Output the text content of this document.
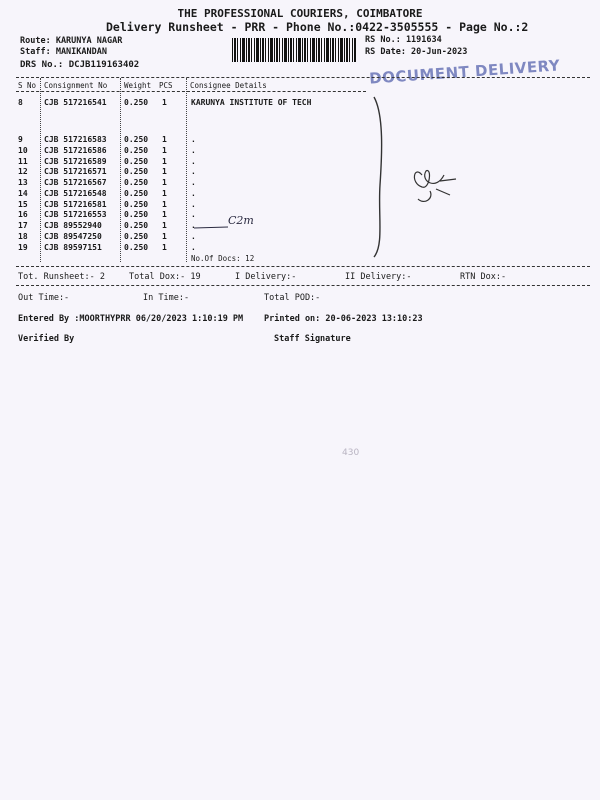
THE PROFESSIONAL COURIERS, COIMBATORE
Delivery Runsheet - PRR - Phone No.:0422-3505555 - Page No.:2
Route: KARUNYA NAGAR
Staff: MANIKANDAN
DRS No.: DCJB119163402
RS No.: 1191634
RS Date: 20-Jun-2023
DOCUMENT DELIVERY
S No Consignment No Weight PCS Consignee Details
8	CJB 517216541 0.250 1	KARUNYA INSTITUTE OF TECH
9	CJB 517216583 0.250 1	.
10 CJB 517216586 0.250 1	.
11 CJB 517216589 0.250 1	.
12 CJB 517216571 0.250 1	.
13 CJB 517216567 0.250 1	.
14 CJB 517216548 0.250 1	.
15 CJB 517216581 0.250 1	.
16 CJB 517216553 0.250 1	.
17 CJB 89552940	0.250 1	.
18 CJB 89547250	0.250 1	.
19 CJB 89597151	0.250 1	.
No.Of Docs: 12
C2m
Tot. Runsheet:- 2	Total Dox:- 19	I Delivery:-	II Delivery:-	RTN Dox:-
Out Time:-	In Time:-	Total POD:-
Entered By :MOORTHYPRR 06/20/2023 1:10:19 PM Printed on: 20-06-2023 13:10:23
Verified By	Staff Signature
430
